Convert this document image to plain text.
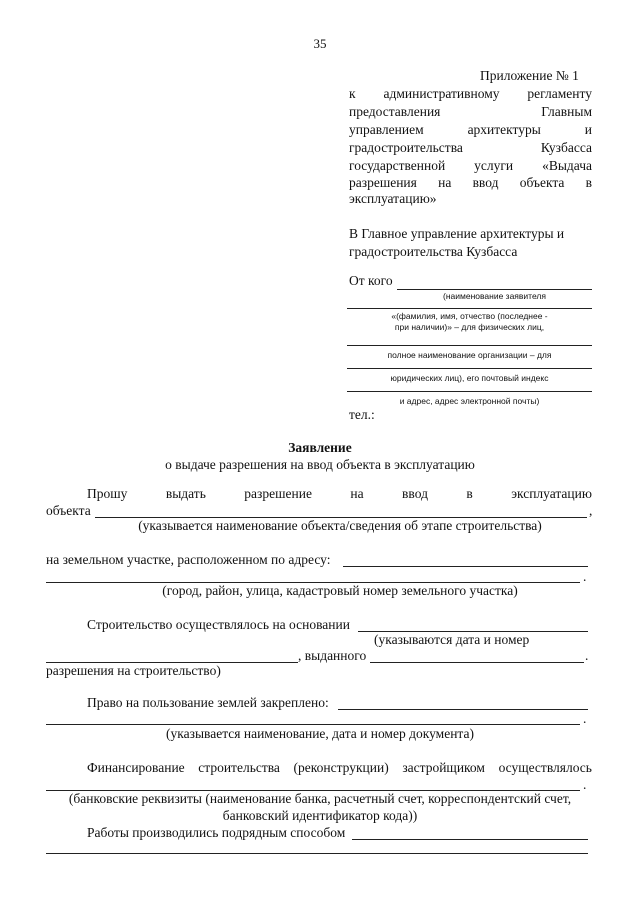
35
Приложение № 1
к административному регламенту
предоставления	Главным
управлением	архитектуры	и
градостроительства	Кузбасса
государственной услуги «Выдача
разрешения на ввод объекта в
эксплуатацию»
В Главное управление архитектуры и
градостроительства Кузбасса
От кого
(наименование заявителя
«(фамилия, имя, отчество (последнее -
при наличии)» – для физических лиц,
полное наименование организации – для
юридических лиц), его почтовый индекс
и адрес, адрес электронной почты)
тел.:
Заявление
о выдаче разрешения на ввод объекта в эксплуатацию
Прошу	выдать	разрешение	на	ввод	в	эксплуатацию
объекта	,
(указывается наименование объекта/сведения об этапе строительства)
на земельном участке, расположенном по адресу:
.
(город, район, улица, кадастровый номер земельного участка)
Строительство осуществлялось на основании
(указываются дата и номер
, выданного	.
разрешения на строительство)
Право на пользование землей закреплено:
.
(указывается наименование, дата и номер документа)
Финансирование строительства (реконструкции) застройщиком осуществлялось
.
(банковские реквизиты (наименование банка, расчетный счет, корреспондентский счет,
банковский идентификатор кода))
Работы производились подрядным способом
